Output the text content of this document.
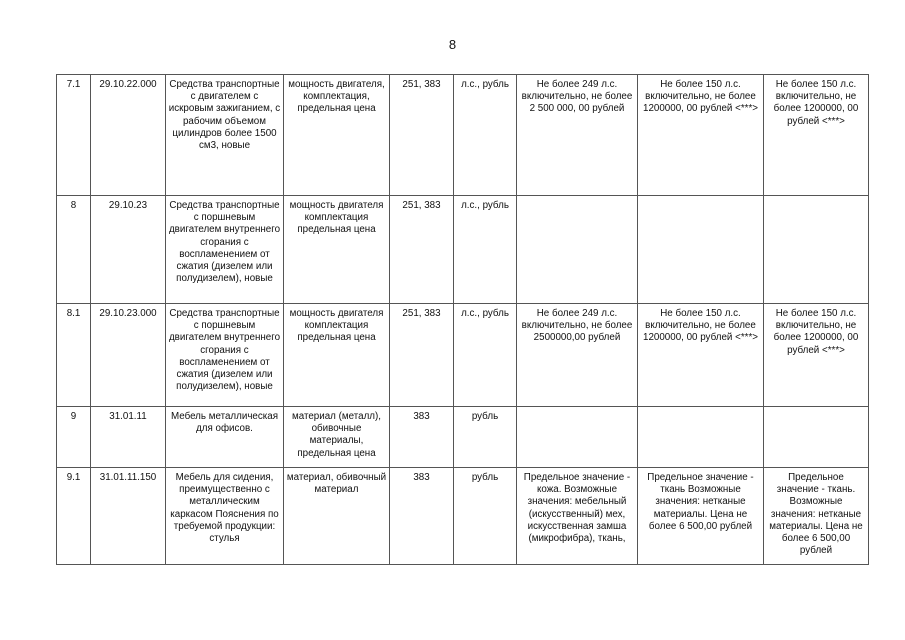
8
7.1	29.10.22.000	Средства транспортные с двигателем с искровым зажиганием, с рабочим объемом цилиндров более 1500 см3, новые	мощность двигателя, комплектация, предельная цена	251, 383	л.с., рубль	Не более 249 л.с. включительно, не более 2 500 000, 00 рублей	Не более 150 л.с. включительно, не более 1200000, 00 рублей <***>	Не более 150 л.с. включительно, не более 1200000, 00 рублей <***>
8	29.10.23	Средства транспортные с поршневым двигателем внутреннего сгорания с воспламенением от сжатия (дизелем или полудизелем), новые	мощность двигателя комплектация предельная цена	251, 383	л.с., рубль			
8.1	29.10.23.000	Средства транспортные с поршневым двигателем внутреннего сгорания с воспламенением от сжатия (дизелем или полудизелем), новые	мощность двигателя комплектация предельная цена	251, 383	л.с., рубль	Не более 249 л.с. включительно, не более 2500000,00 рублей	Не более 150 л.с. включительно, не более 1200000, 00 рублей <***>	Не более 150 л.с. включительно, не более 1200000, 00 рублей <***>
9	31.01.11	Мебель металлическая для офисов.	материал (металл), обивочные материалы, предельная цена	383	рубль			
9.1	31.01.11.150	Мебель для сидения, преимущественно с металлическим каркасом Пояснения по требуемой продукции: стулья	материал, обивочный материал	383	рубль	Предельное значение - кожа. Возможные значения: мебельный (искусственный) мех, искусственная замша (микрофибра), ткань,	Предельное значение - ткань Возможные значения: нетканые материалы. Цена не более 6 500,00 рублей	Предельное значение - ткань. Возможные значения: нетканые материалы. Цена не более 6 500,00 рублей
